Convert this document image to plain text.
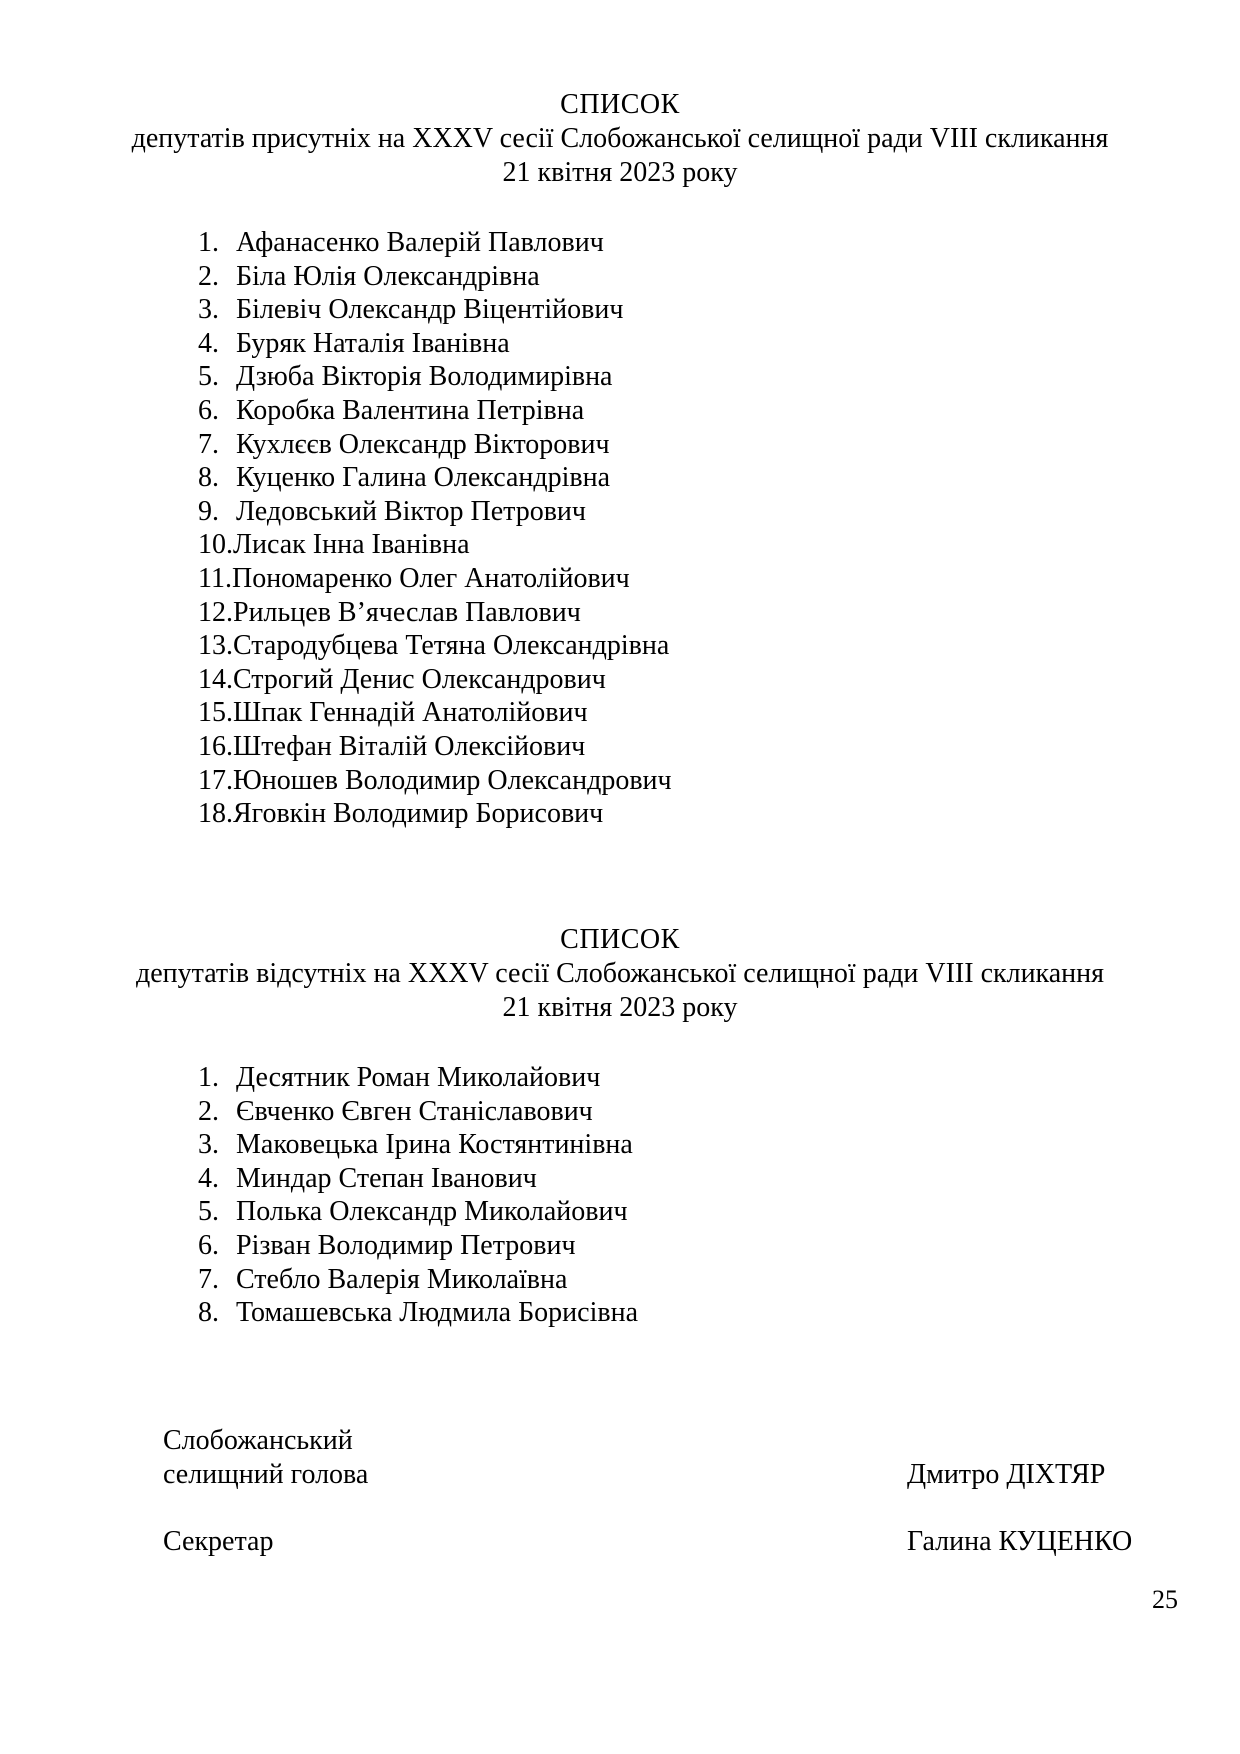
СПИСОК

депутатів присутніх на XXXV сесії Слобожанської селищної ради VIII скликання

21 квітня 2023 року

1. Афанасенко Валерій Павлович
2. Біла Юлія Олександрівна
3. Білевіч Олександр Віцентійович
4. Буряк Наталія Іванівна
5. Дзюба Вікторія Володимирівна
6. Коробка Валентина Петрівна
7. Кухлєєв Олександр Вікторович
8. Куценко Галина Олександрівна
9. Ледовський Віктор Петрович
10.Лисак Інна Іванівна
11.Пономаренко Олег Анатолійович
12.Рильцев В’ячеслав Павлович
13.Стародубцева Тетяна Олександрівна
14.Строгий Денис Олександрович
15.Шпак Геннадій Анатолійович
16.Штефан Віталій Олексійович
17.Юношев Володимир Олександрович
18.Яговкін Володимир Борисович

СПИСОК

депутатів відсутніх на XXXV сесії Слобожанської селищної ради VIII скликання

21 квітня 2023 року

1. Десятник Роман Миколайович
2. Євченко Євген Станіславович
3. Маковецька Ірина Костянтинівна
4. Миндар Степан Іванович
5. Полька Олександр Миколайович
6. Різван Володимир Петрович
7. Стебло Валерія Миколаївна
8. Томашевська Людмила Борисівна
Слобожанський
селищний голова	Дмитро ДІХТЯР
Секретар	Галина КУЦЕНКО
25
